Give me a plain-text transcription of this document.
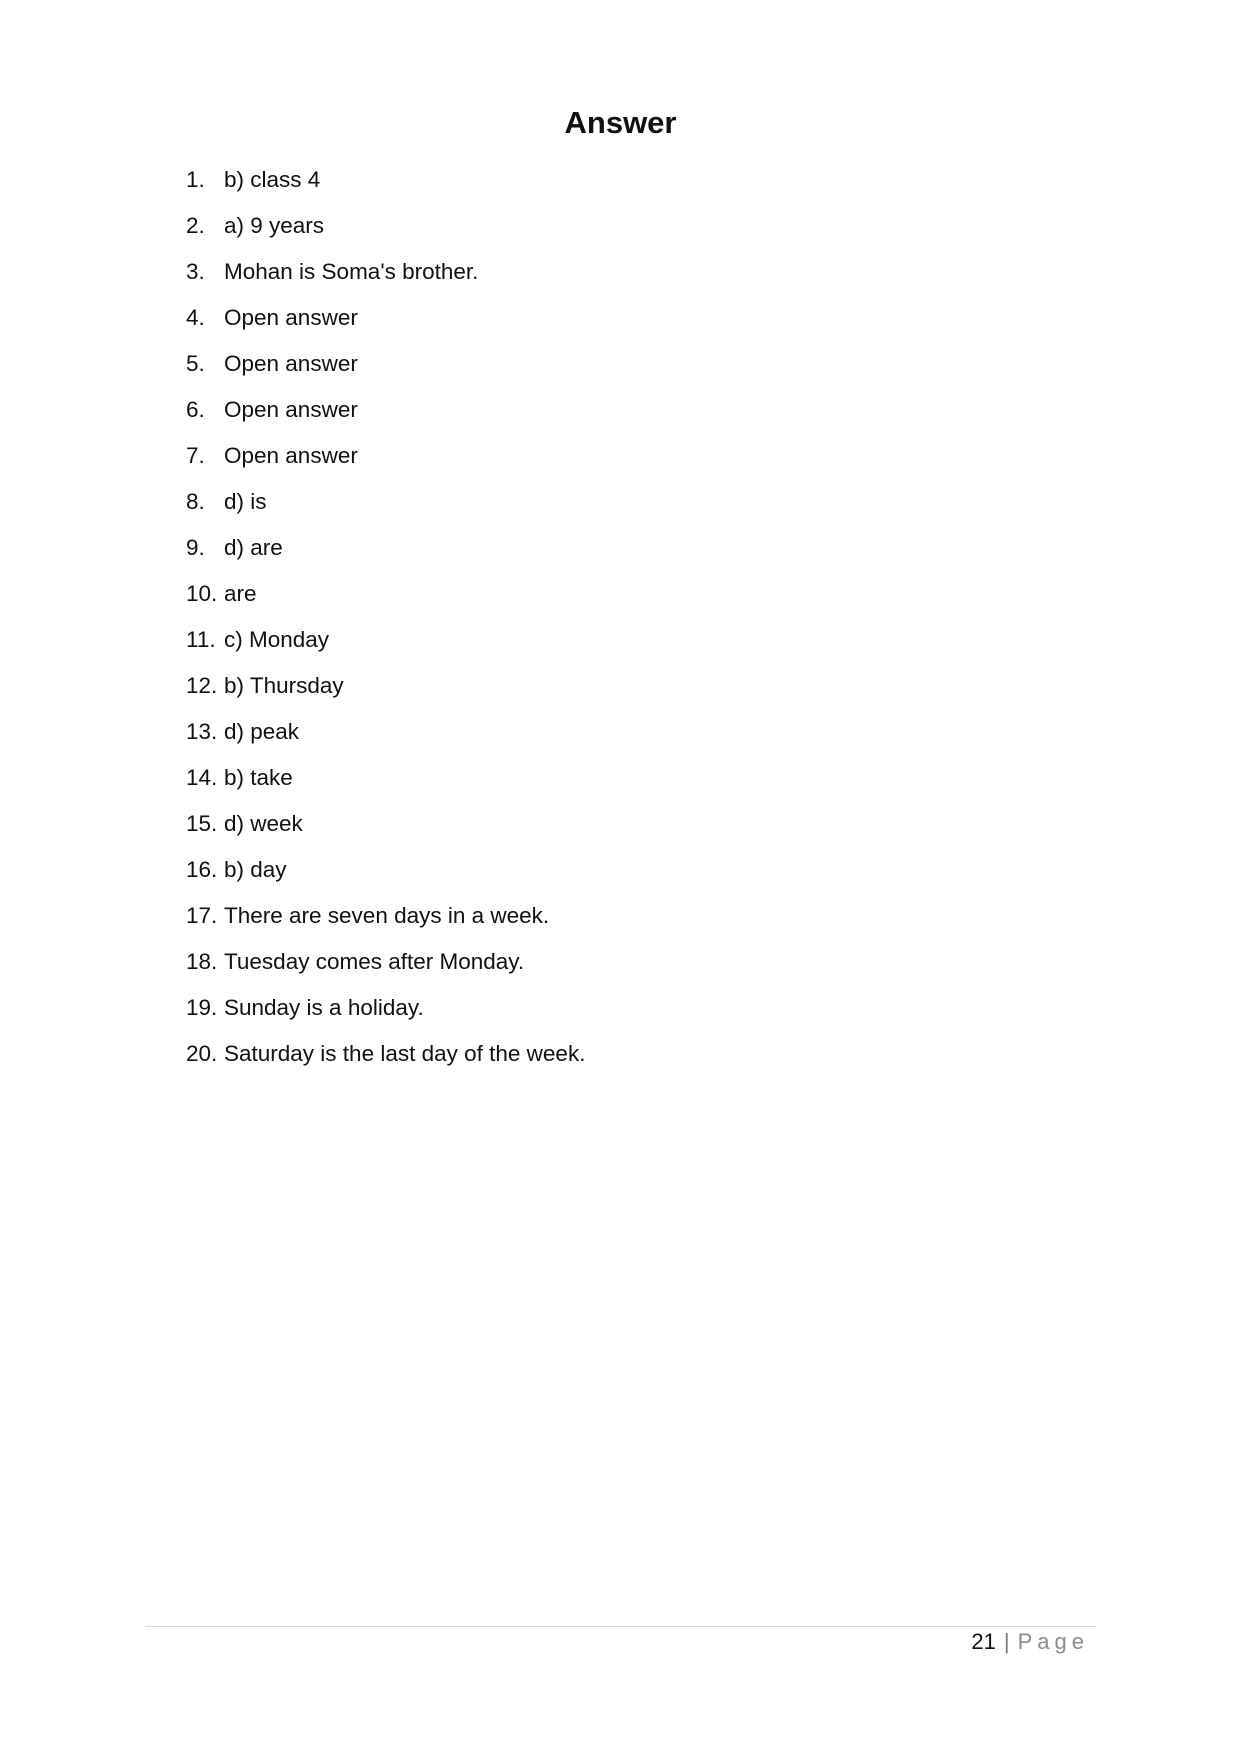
Answer
1. b) class 4
2. a) 9 years
3. Mohan is Soma's brother.
4. Open answer
5. Open answer
6. Open answer
7. Open answer
8. d) is
9. d) are
10. are
11. c) Monday
12. b) Thursday
13. d) peak
14. b) take
15. d) week
16. b) day
17. There are seven days in a week.
18. Tuesday comes after Monday.
19. Sunday is a holiday.
20. Saturday is the last day of the week.
21 | Page
